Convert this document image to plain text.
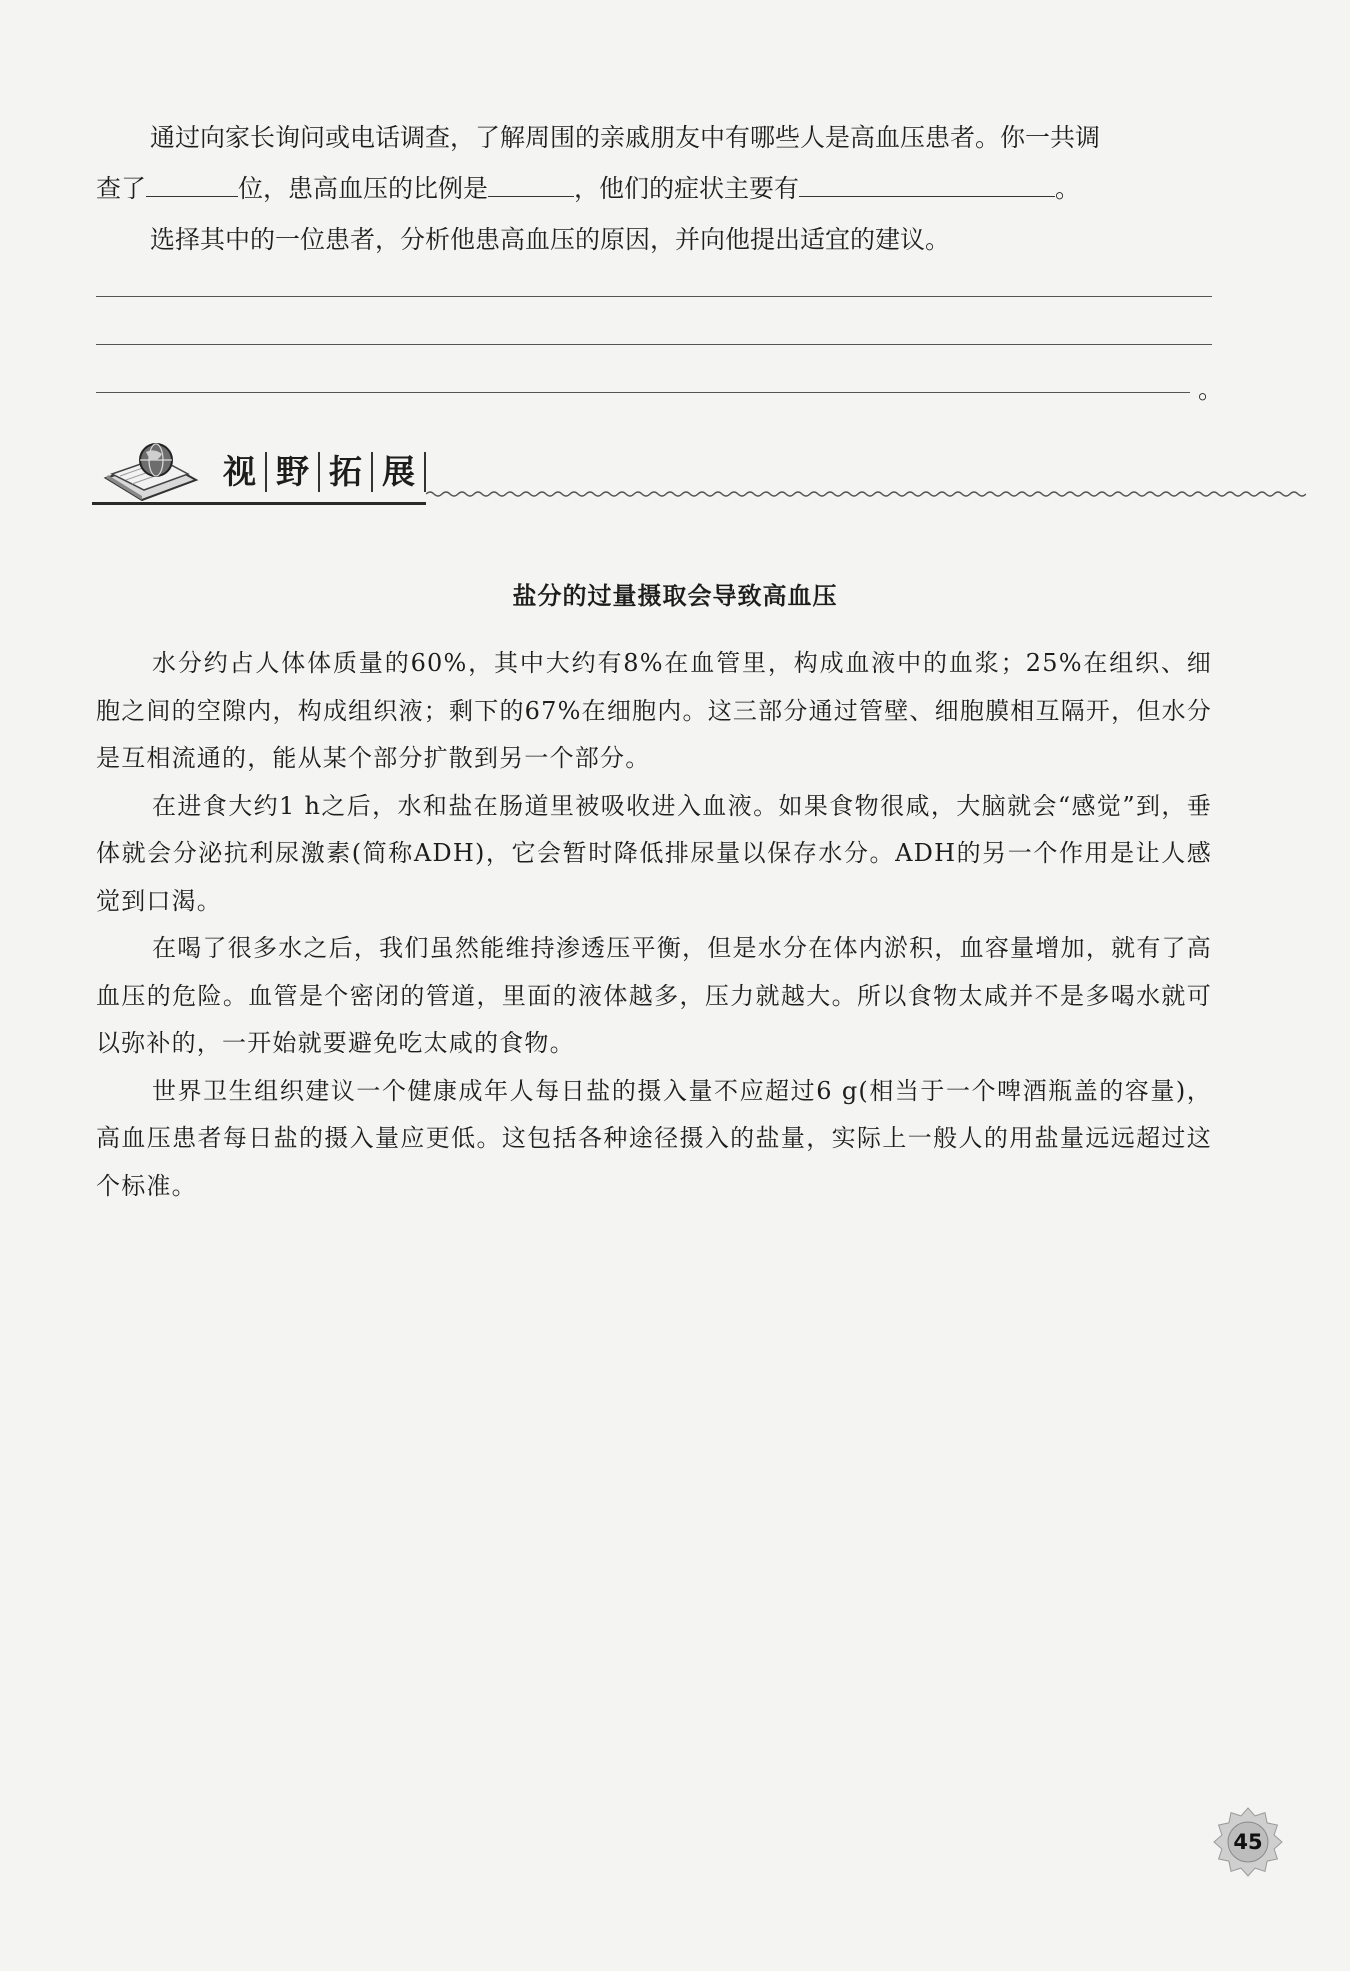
通过向家长询问或电话调查，了解周围的亲戚朋友中有哪些人是高血压患者。你一共调

查了	位，患高血压的比例是	，他们的症状主要有	。

选择其中的一位患者，分析他患高血压的原因，并向他提出适宜的建议。

。
视 野 拓 展
盐分的过量摄取会导致高血压

水分约占人体体质量的60%，其中大约有8%在血管里，构成血液中的血浆；25%在组织、细胞之间的空隙内，构成组织液；剩下的67%在细胞内。这三部分通过管壁、细胞膜相互隔开，但水分是互相流通的，能从某个部分扩散到另一个部分。

在进食大约1 h之后，水和盐在肠道里被吸收进入血液。如果食物很咸，大脑就会“感觉”到，垂体就会分泌抗利尿激素(简称ADH)，它会暂时降低排尿量以保存水分。ADH的另一个作用是让人感觉到口渴。

在喝了很多水之后，我们虽然能维持渗透压平衡，但是水分在体内淤积，血容量增加，就有了高血压的危险。血管是个密闭的管道，里面的液体越多，压力就越大。所以食物太咸并不是多喝水就可以弥补的，一开始就要避免吃太咸的食物。

世界卫生组织建议一个健康成年人每日盐的摄入量不应超过6 g(相当于一个啤酒瓶盖的容量)，高血压患者每日盐的摄入量应更低。这包括各种途径摄入的盐量，实际上一般人的用盐量远远超过这个标准。

45
